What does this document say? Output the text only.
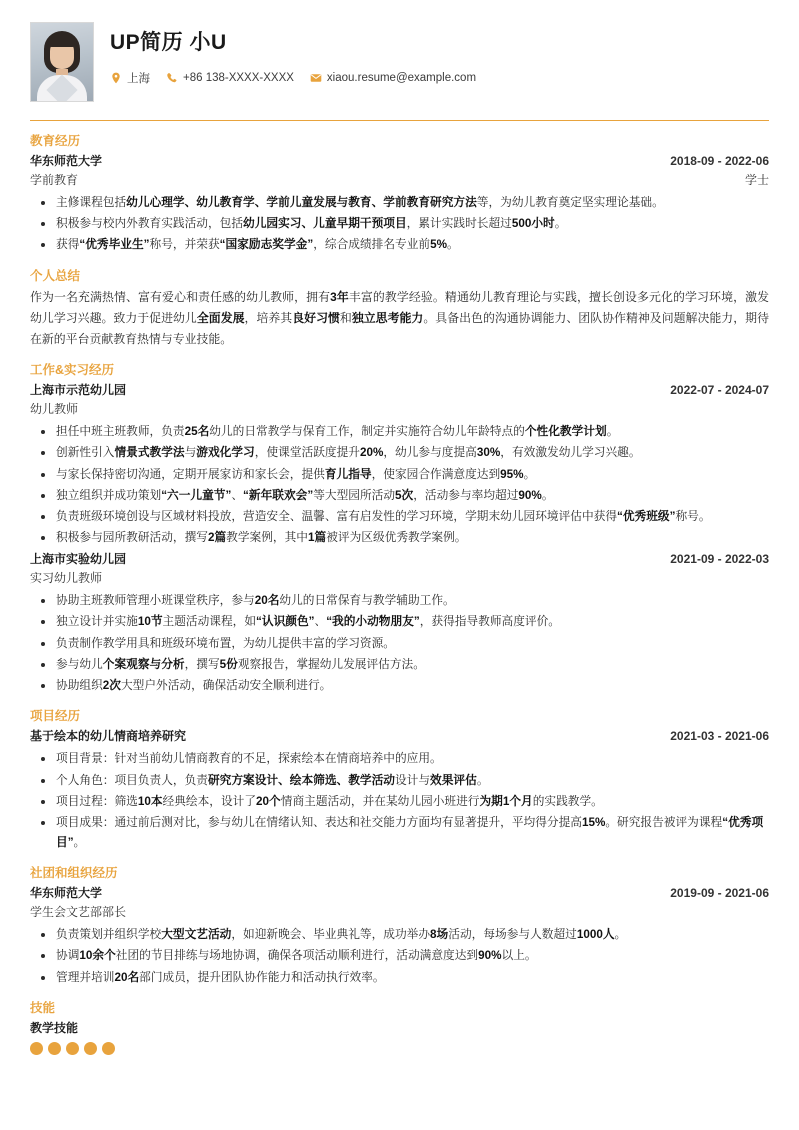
UP简历 小U
上海	+86 138-XXXX-XXXX	xiaou.resume@example.com
教育经历
华东师范大学	2018-09 - 2022-06
学前教育	学士
主修课程包括幼儿心理学、幼儿教育学、学前儿童发展与教育、学前教育研究方法等，为幼儿教育奠定坚实理论基础。
积极参与校内外教育实践活动，包括幼儿园实习、儿童早期干预项目，累计实践时长超过500小时。
获得“优秀毕业生”称号，并荣获“国家励志奖学金”，综合成绩排名专业前5%。
个人总结

作为一名充满热情、富有爱心和责任感的幼儿教师，拥有3年丰富的教学经验。精通幼儿教育理论与实践，擅长创设多元化的学习环境，激发幼儿学习兴趣。致力于促进幼儿全面发展，培养其良好习惯和独立思考能力。具备出色的沟通协调能力、团队协作精神及问题解决能力，期待在新的平台贡献教育热情与专业技能。

工作&实习经历
上海市示范幼儿园	2022-07 - 2024-07
幼儿教师
担任中班主班教师，负责25名幼儿的日常教学与保育工作，制定并实施符合幼儿年龄特点的个性化教学计划。
创新性引入情景式教学法与游戏化学习，使课堂活跃度提升20%，幼儿参与度提高30%，有效激发幼儿学习兴趣。
与家长保持密切沟通，定期开展家访和家长会，提供育儿指导，使家园合作满意度达到95%。
独立组织并成功策划“六一儿童节”、“新年联欢会”等大型园所活动5次，活动参与率均超过90%。
负责班级环境创设与区域材料投放，营造安全、温馨、富有启发性的学习环境，学期末幼儿园环境评估中获得“优秀班级”称号。
积极参与园所教研活动，撰写2篇教学案例，其中1篇被评为区级优秀教学案例。
上海市实验幼儿园	2021-09 - 2022-03
实习幼儿教师
协助主班教师管理小班课堂秩序，参与20名幼儿的日常保育与教学辅助工作。
独立设计并实施10节主题活动课程，如“认识颜色”、“我的小动物朋友”，获得指导教师高度评价。
负责制作教学用具和班级环境布置，为幼儿提供丰富的学习资源。
参与幼儿个案观察与分析，撰写5份观察报告，掌握幼儿发展评估方法。
协助组织2次大型户外活动，确保活动安全顺利进行。
项目经历
基于绘本的幼儿情商培养研究	2021-03 - 2021-06
项目背景：针对当前幼儿情商教育的不足，探索绘本在情商培养中的应用。
个人角色：项目负责人，负责研究方案设计、绘本筛选、教学活动设计与效果评估。
项目过程：筛选10本经典绘本，设计了20个情商主题活动，并在某幼儿园小班进行为期1个月的实践教学。
项目成果：通过前后测对比，参与幼儿在情绪认知、表达和社交能力方面均有显著提升，平均得分提高15%。研究报告被评为课程“优秀项目”。
社团和组织经历
华东师范大学	2019-09 - 2021-06
学生会文艺部部长
负责策划并组织学校大型文艺活动，如迎新晚会、毕业典礼等，成功举办8场活动，每场参与人数超过1000人。
协调10余个社团的节目排练与场地协调，确保各项活动顺利进行，活动满意度达到90%以上。
管理并培训20名部门成员，提升团队协作能力和活动执行效率。
技能
教学技能
